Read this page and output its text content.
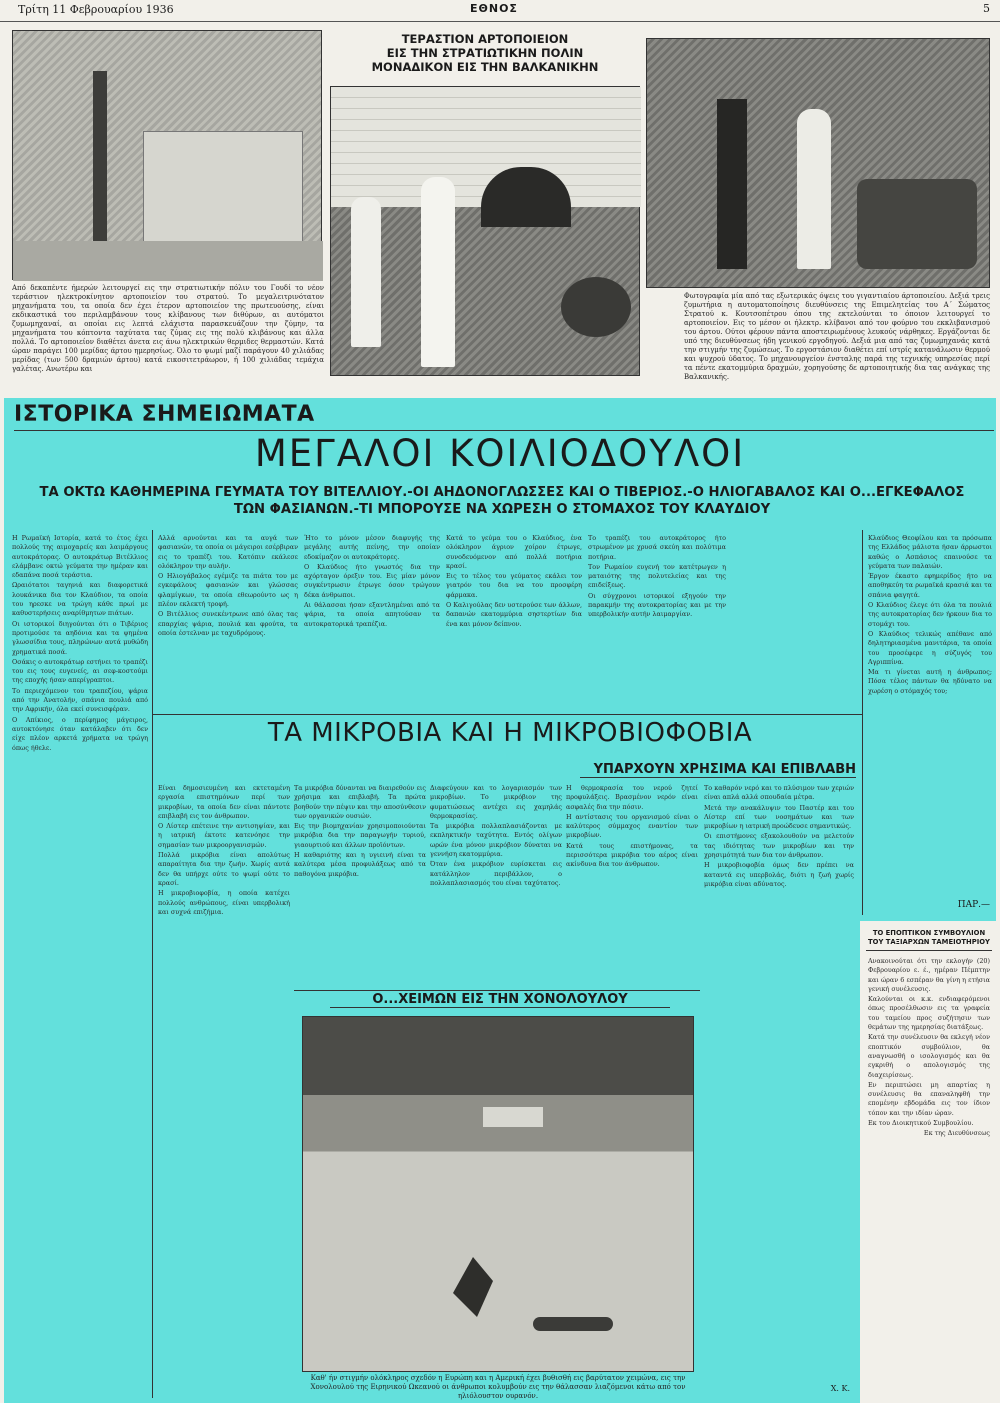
Τρίτη 11 Φεβρουαρίου 1936	ΕΘΝΟΣ	5
ΤΕΡΑΣΤΙΟΝ ΑΡΤΟΠΟΙΕΙΟΝ
ΕΙΣ ΤΗΝ ΣΤΡΑΤΙΩΤΙΚΗΝ ΠΟΛΙΝ
ΜΟΝΑΔΙΚΟΝ ΕΙΣ ΤΗΝ ΒΑΛΚΑΝΙΚΗΝ
Από δεκαπέντε ήμερών λειτουργεί εις την στρατιωτικήν πόλιν του Γουδί το νέον τεράστιον ηλεκτροκίνητον αρτοποιείον του στρατού. Το μεγαλειτρινότατον μηχανήματα του, τα οποία δεν έχει έτερον αρτοποιείον της πρωτευούσης, είναι εκδικαστικά του περιλαμβάνουν τους κλίβανους των διθύρων, αι αυτόματοι ζυμωμηχαναί, αι οποίαι εις λεπτά ελάχιστα παρασκευάζουν την ζύμην, τα μηχανήματα του κόπτοντα ταχύτατα τας ζύμας εις της πολύ κλιβάνους και άλλα πολλά. Το αρτοποιείον διαθέτει άνετα εις άνω ηλεκτρικών θερμιδες θερμαστών. Κατά ώραν παράγει 100 μερίδας άρτου ημερησίως. Όλο το ψωμί μαζί παράγουν 40 χιλιάδας μερίδας (των 500 δραμιών άρτου) κατά εικοσιτετράωρον, ή 100 χιλιάδας τεμάχια γαλέτας. Ανωτέρω και
Φωτογραφία μία από τας εξωτερικάς όψεις του γιγαντιαίου άρτοποιείου. Δεξιά τρεις ζυμωτήρια η αυτοματοποίησις διευθύνσεις της Επιμελητείας του Α΄ Σώματος Στρατού κ. Κουτσοπέτρου όπου της εκτελούνται το όποιον λειτουργεί το αρτοποιείον. Εις το μέσον οι ήλεκτρ. κλίβανοι από τον φούρνο του εκκλιβανισμού του άρτου. Ούτοι φέρουν πάντα αποστειρωμένους λευκούς νάρθηκες. Εργάζονται δε υπό της διευθύνσεως ήδη γενικού εργοδηγού. Δεξιά μια από τας ζυμωμηχανάς κατά την στιγμήν της ζυμώσεως. Το εργοστάσιον διαθέτει επί ιστρίς κατανάλωσιν θερμού και ψυχρού ύδατος. Το μηχανουργείον ένσταλης παρά της τεχνικής υπηρεσίας περί τα πέντε εκατομμύρια δραχμών, χορηγούσης δε αρτοποιητικής δια τας ανάγκας της Βαλκανικής.
ΙΣΤΟΡΙΚΑ ΣΗΜΕΙΩΜΑΤΑ
ΜΕΓΑΛΟΙ ΚΟΙΛΙΟΔΟΥΛΟΙ
ΤΑ ΟΚΤΩ ΚΑΘΗΜΕΡΙΝΑ ΓΕΥΜΑΤΑ ΤΟΥ ΒΙΤΕΛΛΙΟΥ.-ΟΙ ΑΗΔΟΝΟΓΛΩΣΣΕΣ ΚΑΙ Ο ΤΙΒΕΡΙΟΣ.-Ο ΗΛΙΟΓΑΒΑΛΟΣ ΚΑΙ Ο...ΕΓΚΕΦΑΛΟΣ ΤΩΝ ΦΑΣΙΑΝΩΝ.-ΤΙ ΜΠΟΡΟΥΣΕ ΝΑ ΧΩΡΕΣΗ Ο ΣΤΟΜΑΧΟΣ ΤΟΥ ΚΛΑΥΔΙΟΥ
Η Ρωμαϊκή Ιστορία, κατά το έτος έχει πολλούς της αιμοχαρείς και λαιμάργους αυτοκράτορας. Ο αυτοκράτωρ Βιτέλλιος ελάμβανε οκτώ γεύματα την ημέραν και εδαπάνα ποσά τεράστια.
Ωραιότατοι ταγηνιά και διαφορετικά λουκάνικα δια τον Κλαύδιον, τα οποία του ηρεσκε να τρώγη κάθε πρωί με καθυστερήσεις αναρίθμητων πιάτων.
Οι ιστορικοί διηγούνται ότι ο Τιβέριος προτιμούσε τα αηδόνια και τα ψημένα γλωσσίδια τους, πληρώνων αυτά μυθώδη χρηματικά ποσά.
Οσάκις ο αυτοκράτωρ εστήνει το τραπέζι του εις τους ευγενείς, αι σεφ-κοστούμι της εποχής ήσαν απερίγραπτοι.
Το περιεχόμενον του τραπεζίου, ψάρια από την Ανατολήν, σπάνια πουλιά από την Αφρικήν, όλα εκεί συνεισφέραν.
Ο Απίκιος, ο περίφημος μάγειρος, αυτοκτόνησε όταν κατάλαβεν ότι δεν είχε πλέον αρκετά χρήματα να τρώγη όπως ήθελε.
Αλλά αρνούνται και τα αυγά των φασιανών, τα οποία οι μάγειροι εσέρβιραν εις το τραπέζι του. Κατόπιν εκάλεσε ολόκληρον την αυλήν.
Ο Ηλιογάβαλος εγέμιζε τα πιάτα του με εγκεφάλους φασιανών και γλώσσας φλαμίγκων, τα οποία εθεωρούντο ως η πλέον εκλεκτή τροφή.
Ο Βιτέλλιος συνεκέντρωνε από όλας τας επαρχίας ψάρια, πουλιά και φρούτα, τα οποία έστελναν με ταχυδρόμους.
Ήτο το μόνον μέσον διαφυγής της μεγάλης αυτής πείνης, την οποίαν εδοκίμαζον οι αυτοκράτορες.
Ο Κλαύδιος ήτο γνωστός δια την αχόρταγον όρεξιν του. Εις μίαν μόνον συγκέντρωσιν έτρωγε όσον τρώγουν δέκα άνθρωποι.
Αι θάλασσαι ήσαν εξαντλημέναι από τα ψάρια, τα οποία απητούσαν τα αυτοκρατορικά τραπέζια.
Κατά το γεύμα του ο Κλαύδιος, ένα ολόκληρον άγριον χοίρον έτρωγε, συνοδευόμενον από πολλά ποτήρια κρασί.
Εις το τέλος του γεύματος εκάλει τον γιατρόν του δια να του προσφέρη φάρμακα.
Ο Καλιγούλας δεν υστερούσε των άλλων, δαπανών εκατομμύρια σηστερτίων δια ένα και μόνον δείπνον.
Το τραπέζι του αυτοκράτορος ήτο στρωμένον με χρυσά σκεύη και πολύτιμα ποτήρια.
Τον Ρωμαίον ευγενή τον κατέτρωγεν η ματαιότης της πολυτελείας και της επιδείξεως.
Οι σύγχρονοι ιστορικοί εξηγούν την παρακμήν της αυτοκρατορίας και με την υπερβολικήν αυτήν λαιμαργίαν.
Κλαύδιος Θεοφίλου και τα πρόσωπα της Ελλάδος μάλιστα ήσαν άρρωστοι καθώς ο Ασπάσιος επαινούσε τα γεύματα των παλαιών.
Έργον έκαστο εφημερίδος ήτο να αποθηκεύη τα ρωμαϊκά κρασιά και τα σπάνια φαγητά.
Ο Κλαύδιος έλεγε ότι όλα τα πουλιά της αυτοκρατορίας δεν ήρκουν δια το στομάχι του.
Ο Κλαύδιος τελικώς απέθανε από δηλητηριασμένα μανιτάρια, τα οποία του προσέφερε η σύζυγός του Αγριππίνα.
Μα τι γίνεται αυτή η άνθρωπος; Πόσα τέλος πάντων θα ηδύνατο να χωρέση ο στόμαχός του;
ΠΑΡ.—
ΤΑ ΜΙΚΡΟΒΙΑ ΚΑΙ Η ΜΙΚΡΟΒΙΟΦΟΒΙΑ
ΥΠΑΡΧΟΥΝ ΧΡΗΣΙΜΑ ΚΑΙ ΕΠΙΒΛΑΒΗ
Είναι δημοσιευμένη και εκτεταμένη εργασία επιστημόνων περί των μικροβίων, τα οποία δεν είναι πάντοτε επιβλαβή εις τον άνθρωπον.
Ο Λίστερ επέτεινε την αντισηψίαν, και η ιατρική έκτοτε κατενόησε την σημασίαν των μικροοργανισμών.
Πολλά μικρόβια είναι απολύτως απαραίτητα δια την ζωήν. Χωρίς αυτά δεν θα υπήρχε ούτε το ψωμί ούτε το κρασί.
Η μικροβιοφοβία, η οποία κατέχει πολλούς ανθρώπους, είναι υπερβολική και συχνά επιζήμια.
Τα μικρόβια δύνανται να διαιρεθούν εις χρήσιμα και επιβλαβή. Τα πρώτα βοηθούν την πέψιν και την αποσύνθεσιν των οργανικών ουσιών.
Εις την βιομηχανίαν χρησιμοποιούνται μικρόβια δια την παραγωγήν τυριού, γιαουρτιού και άλλων προϊόντων.
Η καθαριότης και η υγιεινή είναι τα καλύτερα μέσα προφυλάξεως από τα παθογόνα μικρόβια.
Διαφεύγουν και το λογαριασμόν των μικροβίων. Το μικρόβιον της φυματιώσεως αντέχει εις χαμηλάς θερμοκρασίας.
Τα μικρόβια πολλαπλασιάζονται με εκπληκτικήν ταχύτητα. Εντός ολίγων ωρών ένα μόνον μικρόβιον δύναται να γεννήση εκατομμύρια.
Όταν ένα μικρόβιον ευρίσκεται εις κατάλληλον περιβάλλον, ο πολλαπλασιασμός του είναι ταχύτατος.
Η θερμοκρασία του νερού ζητεί προφυλάξεις. Βρασμένον νερόν είναι ασφαλές δια την πόσιν.
Η αντίστασις του οργανισμού είναι ο καλύτερος σύμμαχος εναντίον των μικροβίων.
Κατά τους επιστήμονας, τα περισσότερα μικρόβια του αέρος είναι ακίνδυνα δια τον άνθρωπον.
Το καθαρόν νερό και το πλύσιμον των χεριών είναι απλά αλλά σπουδαία μέτρα.
Μετά την ανακάλυψιν του Παστέρ και του Λίστερ επί των νοσημάτων και των μικροβίων η ιατρική προώδευσε σημαντικώς.
Οι επιστήμονες εξακολουθούν να μελετούν τας ιδιότητας των μικροβίων και την χρησιμότητά των δια τον άνθρωπον.
Η μικροβιοφοβία όμως δεν πρέπει να καταντά εις υπερβολάς, διότι η ζωή χωρίς μικρόβια είναι αδύνατος.
Χ. Κ.
Ο...ΧΕΙΜΩΝ ΕΙΣ ΤΗΝ ΧΟΝΟΛΟΥΛΟΥ
Καθ' ήν στιγμήν ολόκληρος σχεδόν η Ευρώπη και η Αμερική έχει βυθισθή εις βαρύτατον χειμώνα, εις την Χονολουλού της Ειρηνικού Ωκεανού οι άνθρωποι κολυμβούν εις την θάλασσαν λιαζόμενοι κάτω από τον ηλιόλουστον ουρανόν.
ΤΟ ΕΠΟΠΤΙΚΟΝ ΣΥΜΒΟΥΛΙΟΝ
ΤΟΥ ΤΑΞΙΑΡΧΩΝ ΤΑΜΕΙΟΤΗΡΙΟΥ
Ανακοινούται ότι την εκλογήν (20) Φεβρουαρίου ε. έ., ημέραν Πέμπτην και ώραν 6 εσπέραν θα γίνη η ετήσια γενική συνέλευσις.
Καλούνται οι κ.κ. ενδιαφερόμενοι όπως προσέλθωσιν εις τα γραφεία του ταμείου προς συζήτησιν των θεμάτων της ημερησίας διατάξεως.
Κατά την συνέλευσιν θα εκλεγή νέον εποπτικόν συμβούλιον, θα αναγνωσθή ο ισολογισμός και θα εγκριθή ο απολογισμός της διαχειρίσεως.
Εν περιπτώσει μη απαρτίας η συνέλευσις θα επαναληφθή την επομένην εβδομάδα εις τον ίδιον τόπον και την ιδίαν ώραν.
Εκ του Διοικητικού Συμβουλίου.
Εκ της Διευθύνσεως
